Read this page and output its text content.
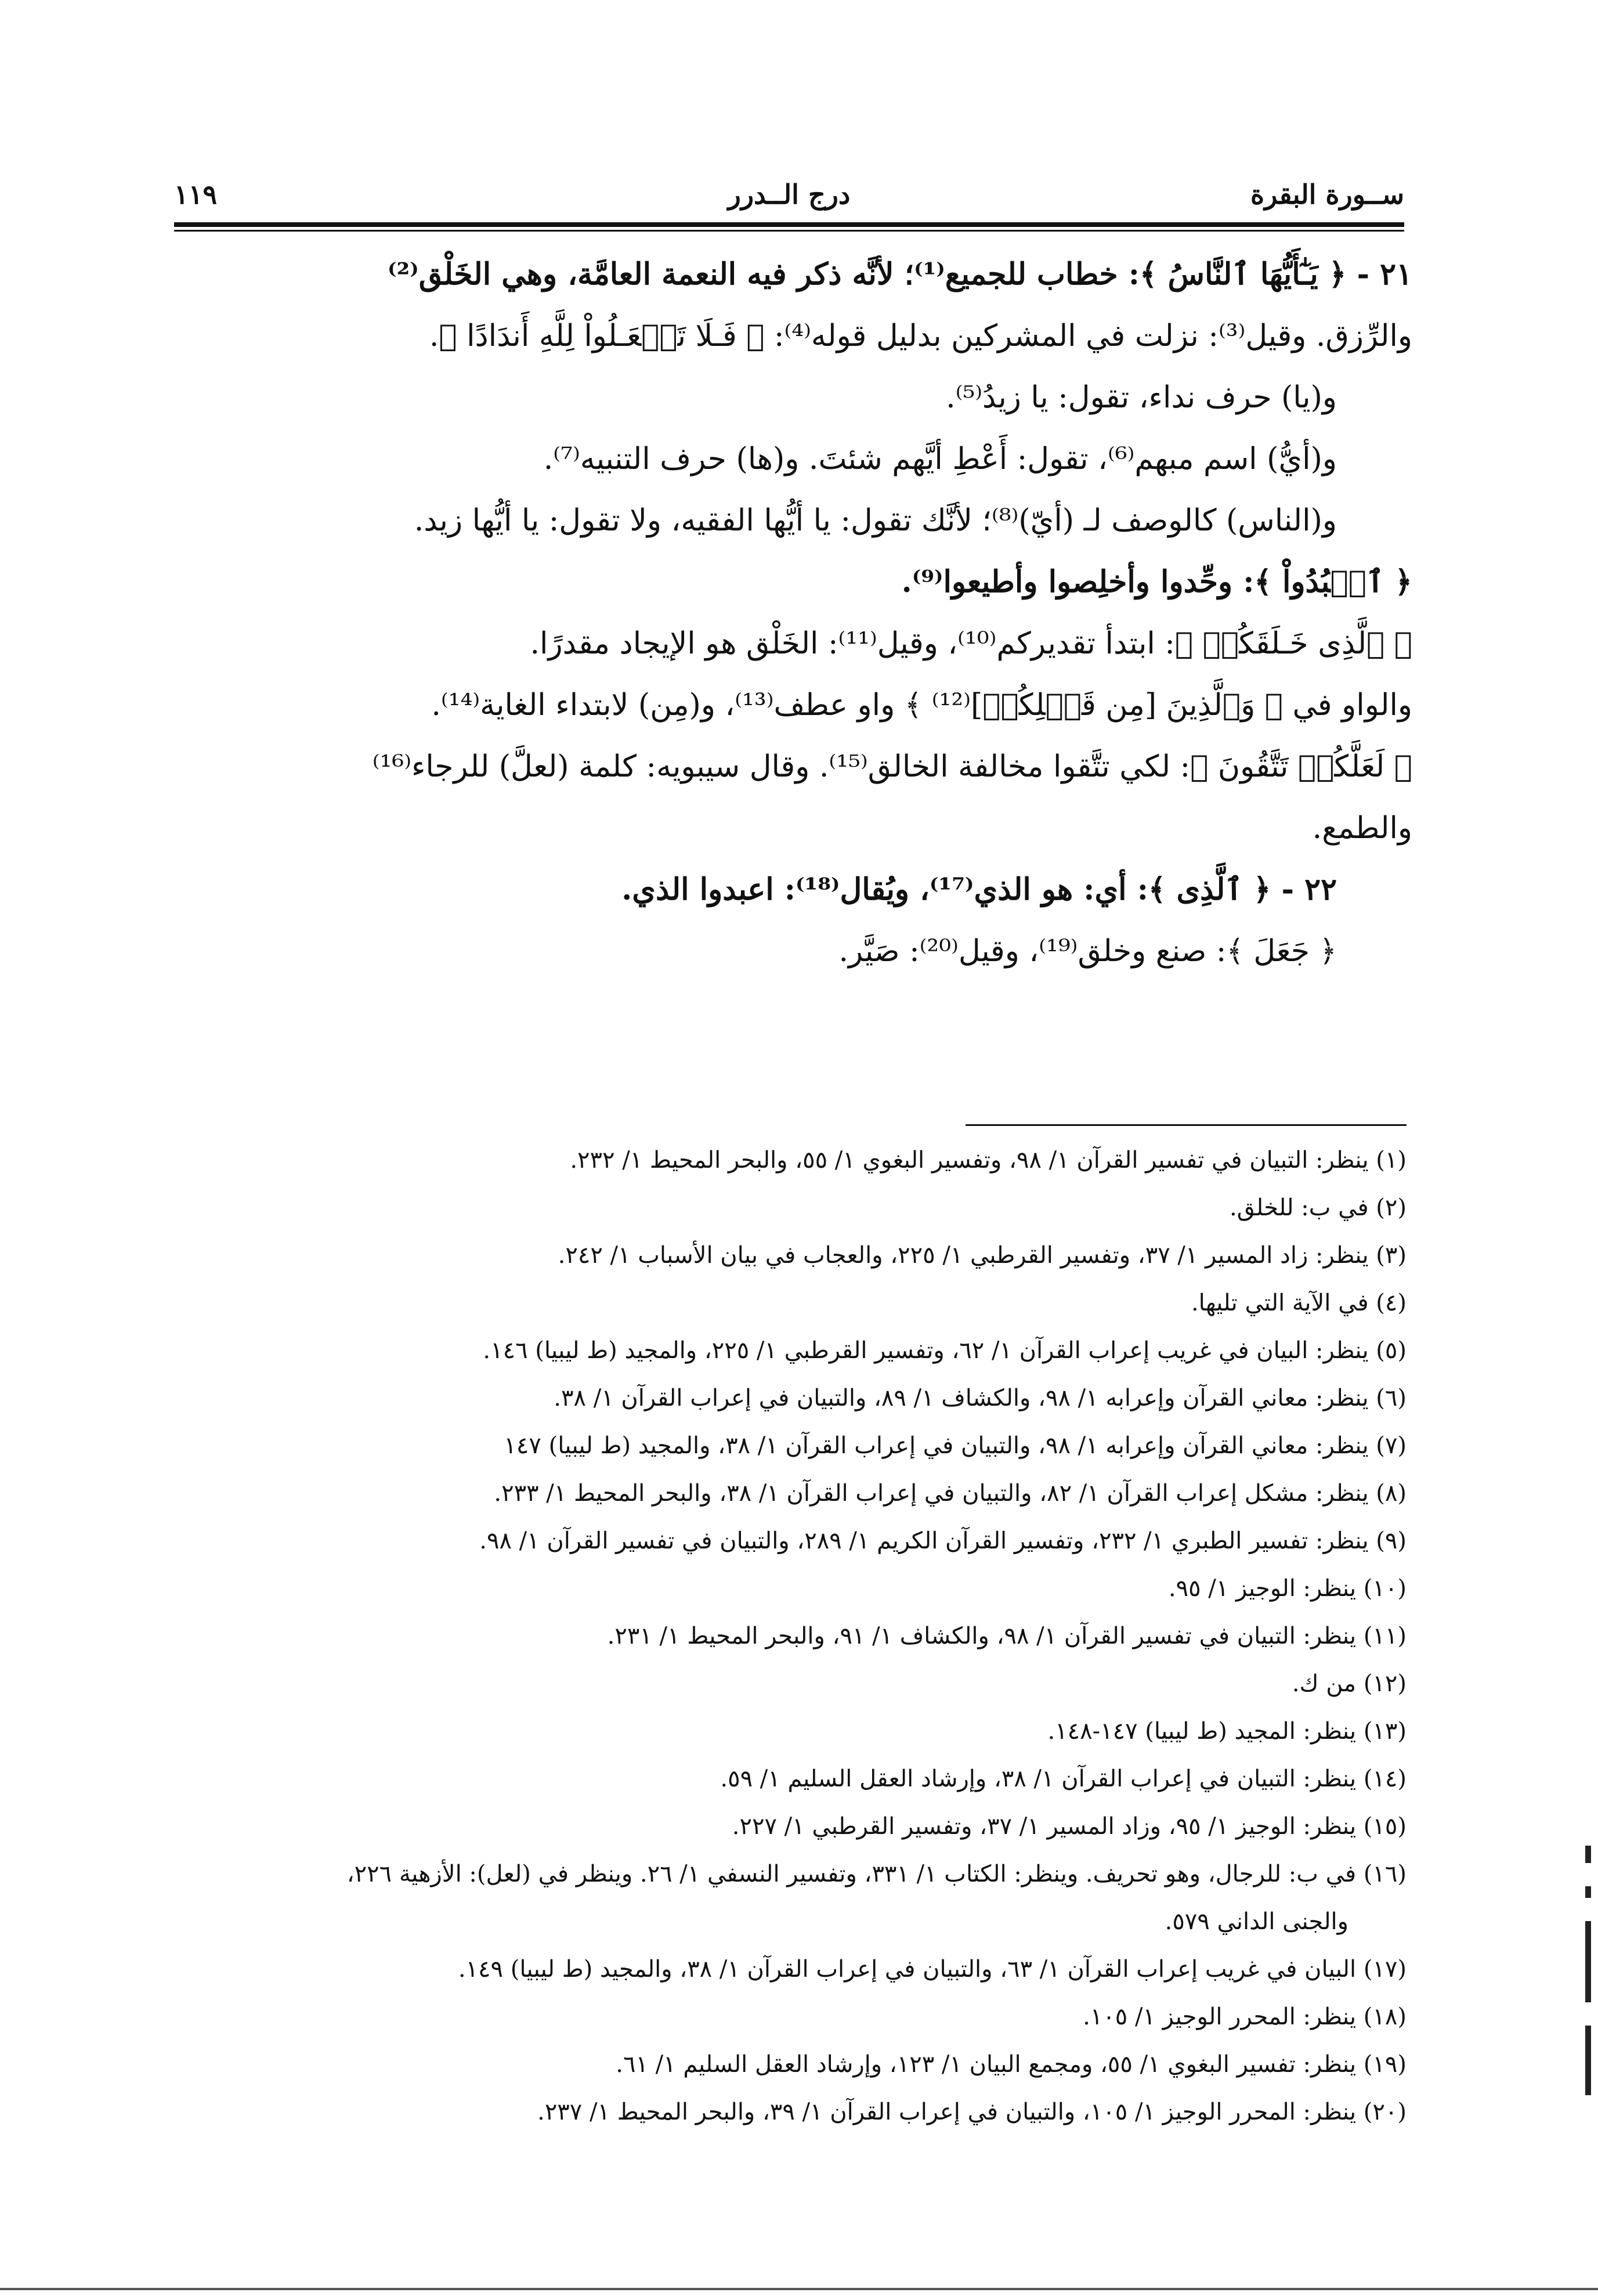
ســورة البقرة
درج الــدرر
١١٩
٢١ - ﴿ يَـٰٓأَيُّهَا ٱلنَّاسُ ﴾: خطاب للجميع⁽¹⁾؛ لأنَّه ذكر فيه النعمة العامَّة، وهي الخَلْق⁽²⁾
والرِّزق. وقيل⁽³⁾: نزلت في المشركين بدليل قوله⁽⁴⁾: ﴿ فَـلَا تَجۡعَـلُواْ لِلَّهِ أَندَادًا ﴾.
و(يا) حرف نداء، تقول: يا زيدُ⁽⁵⁾.
و(أيُّ) اسم مبهم⁽⁶⁾، تقول: أَعْطِ أيَّهم شئتَ. و(ها) حرف التنبيه⁽⁷⁾.
و(الناس) كالوصف لـ (أيّ)⁽⁸⁾؛ لأنَّك تقول: يا أيُّها الفقيه، ولا تقول: يا أيُّها زيد.
﴿ ٱعۡبُدُواْ ﴾: وحِّدوا وأخلِصوا وأطيعوا⁽⁹⁾.
﴿ ٱلَّذِى خَـلَقَكُمۡ ﴾: ابتدأ تقديركم⁽¹⁰⁾، وقيل⁽¹¹⁾: الخَلْق هو الإيجاد مقدرًا.
والواو في ﴿ وَٱلَّذِينَ [مِن قَبۡلِكُمۡ]⁽¹²⁾ ﴾ واو عطف⁽¹³⁾، و(مِن) لابتداء الغاية⁽¹⁴⁾.
﴿ لَعَلَّكُمۡ تَتَّقُونَ ﴾: لكي تتَّقوا مخالفة الخالق⁽¹⁵⁾. وقال سيبويه: كلمة (لعلَّ) للرجاء⁽¹⁶⁾
والطمع.
٢٢ - ﴿ ٱلَّذِى ﴾: أي: هو الذي⁽¹⁷⁾، ويُقال⁽¹⁸⁾: اعبدوا الذي.
﴿ جَعَلَ ﴾: صنع وخلق⁽¹⁹⁾، وقيل⁽²⁰⁾: صَيَّر.
(١) ينظر: التبيان في تفسير القرآن ١/ ٩٨، وتفسير البغوي ١/ ٥٥، والبحر المحيط ١/ ٢٣٢.
(٢) في ب: للخلق.
(٣) ينظر: زاد المسير ١/ ٣٧، وتفسير القرطبي ١/ ٢٢٥، والعجاب في بيان الأسباب ١/ ٢٤٢.
(٤) في الآية التي تليها.
(٥) ينظر: البيان في غريب إعراب القرآن ١/ ٦٢، وتفسير القرطبي ١/ ٢٢٥، والمجيد (ط ليبيا) ١٤٦.
(٦) ينظر: معاني القرآن وإعرابه ١/ ٩٨، والكشاف ١/ ٨٩، والتبيان في إعراب القرآن ١/ ٣٨.
(٧) ينظر: معاني القرآن وإعرابه ١/ ٩٨، والتبيان في إعراب القرآن ١/ ٣٨، والمجيد (ط ليبيا) ١٤٧
(٨) ينظر: مشكل إعراب القرآن ١/ ٨٢، والتبيان في إعراب القرآن ١/ ٣٨، والبحر المحيط ١/ ٢٣٣.
(٩) ينظر: تفسير الطبري ١/ ٢٣٢، وتفسير القرآن الكريم ١/ ٢٨٩، والتبيان في تفسير القرآن ١/ ٩٨.
(١٠) ينظر: الوجيز ١/ ٩٥.
(١١) ينظر: التبيان في تفسير القرآن ١/ ٩٨، والكشاف ١/ ٩١، والبحر المحيط ١/ ٢٣١.
(١٢) من ك.
(١٣) ينظر: المجيد (ط ليبيا) ١٤٧-١٤٨.
(١٤) ينظر: التبيان في إعراب القرآن ١/ ٣٨، وإرشاد العقل السليم ١/ ٥٩.
(١٥) ينظر: الوجيز ١/ ٩٥، وزاد المسير ١/ ٣٧، وتفسير القرطبي ١/ ٢٢٧.
(١٦) في ب: للرجال، وهو تحريف. وينظر: الكتاب ١/ ٣٣١، وتفسير النسفي ١/ ٢٦. وينظر في (لعل): الأزهية ٢٢٦،
والجنى الداني ٥٧٩.
(١٧) البيان في غريب إعراب القرآن ١/ ٦٣، والتبيان في إعراب القرآن ١/ ٣٨، والمجيد (ط ليبيا) ١٤٩.
(١٨) ينظر: المحرر الوجيز ١/ ١٠٥.
(١٩) ينظر: تفسير البغوي ١/ ٥٥، ومجمع البيان ١/ ١٢٣، وإرشاد العقل السليم ١/ ٦١.
(٢٠) ينظر: المحرر الوجيز ١/ ١٠٥، والتبيان في إعراب القرآن ١/ ٣٩، والبحر المحيط ١/ ٢٣٧.
